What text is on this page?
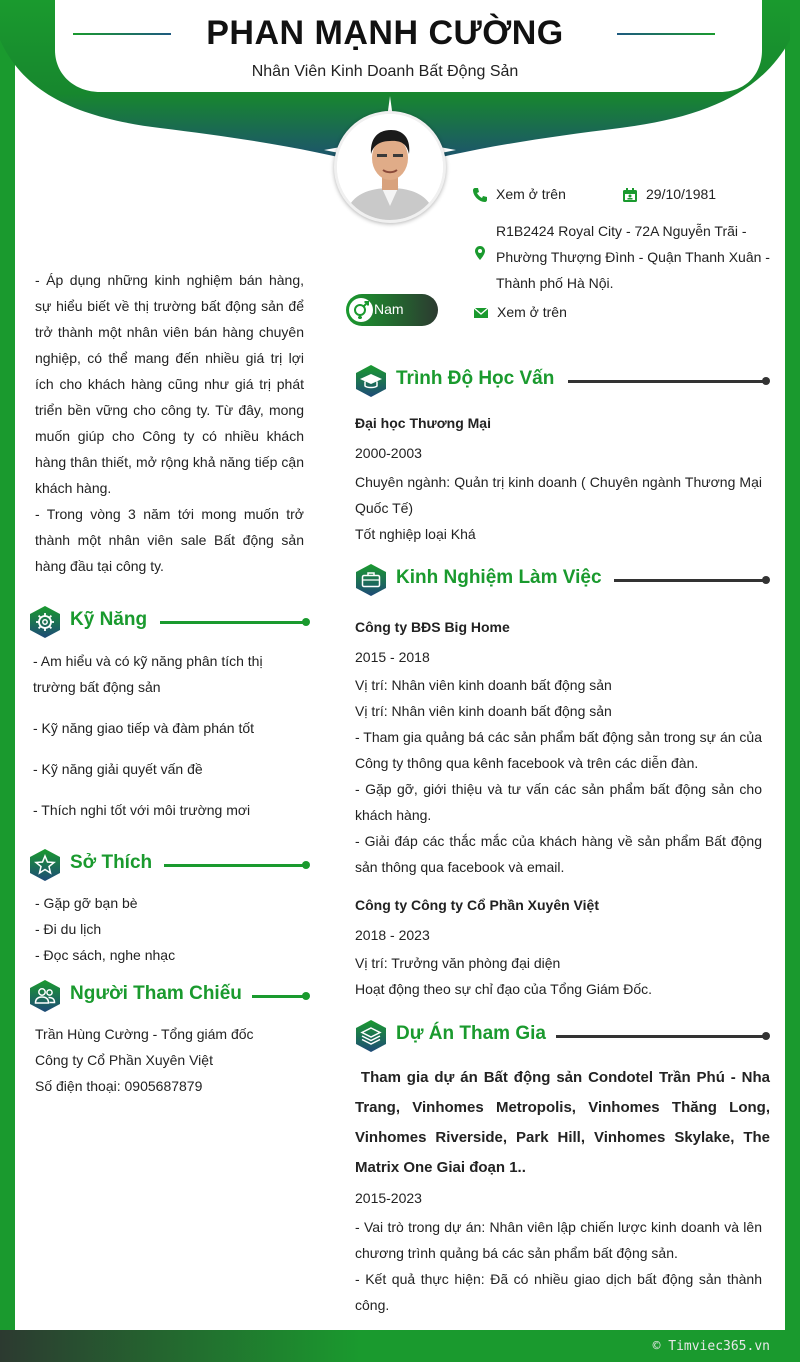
PHAN MẠNH CƯỜNG
Nhân Viên Kinh Doanh Bất Động Sản
Xem ở trên	29/10/1981
R1B2424 Royal City - 72A Nguyễn Trãi -
Phường Thượng Đình - Quận Thanh Xuân -
Thành phố Hà Nội.
Xem ở trên
Nam

- Áp dụng những kinh nghiệm bán hàng, sự hiểu biết về thị trường bất động sản để trở thành một nhân viên bán hàng chuyên nghiệp, có thể mang đến nhiều giá trị lợi ích cho khách hàng cũng như giá trị phát triển bền vững cho công ty. Từ đây, mong muốn giúp cho Công ty có nhiều khách hàng thân thiết, mở rộng khả năng tiếp cận khách hàng.

- Trong vòng 3 năm tới mong muốn trở thành một nhân viên sale Bất động sản hàng đầu tại công ty.

Kỹ Năng
- Am hiểu và có kỹ năng phân tích thị trường bất động sản
- Kỹ năng giao tiếp và đàm phán tốt
- Kỹ năng giải quyết vấn đề
- Thích nghi tốt với môi trường mơi
Sở Thích
- Gặp gỡ bạn bè
- Đi du lịch
- Đọc sách, nghe nhạc
Người Tham Chiếu
Trần Hùng Cường - Tổng giám đốc
Công ty Cổ Phần Xuyên Việt
Số điện thoại: 0905687879
Trình Độ Học Vấn
Đại học Thương Mại
2000-2003
Chuyên ngành: Quản trị kinh doanh ( Chuyên ngành Thương Mại Quốc Tế)
Tốt nghiệp loại Khá
Kinh Nghiệm Làm Việc
Công ty BĐS Big Home
2015 - 2018
Vị trí: Nhân viên kinh doanh bất động sản
Vị trí: Nhân viên kinh doanh bất động sản
- Tham gia quảng bá các sản phẩm bất động sản trong sự án của Công ty thông qua kênh facebook và trên các diễn đàn.
- Gặp gỡ, giới thiệu và tư vấn các sản phẩm bất động sản cho khách hàng.
- Giải đáp các thắc mắc của khách hàng về sản phẩm Bất động sản thông qua facebook và email.
Công ty Công ty Cổ Phần Xuyên Việt
2018 - 2023
Vị trí: Trưởng văn phòng đại diện
Hoạt động theo sự chỉ đạo của Tổng Giám Đốc.
Dự Án Tham Gia
Tham gia dự án Bất động sản Condotel Trần Phú - Nha Trang, Vinhomes Metropolis, Vinhomes Thăng Long, Vinhomes Riverside, Park Hill, Vinhomes Skylake, The Matrix One Giai đoạn 1..
2015-2023
- Vai trò trong dự án: Nhân viên lập chiến lược kinh doanh và lên chương trình quảng bá các sản phẩm bất động sản.
- Kết quả thực hiện: Đã có nhiều giao dịch bất động sản thành công.
© Timviec365.vn
